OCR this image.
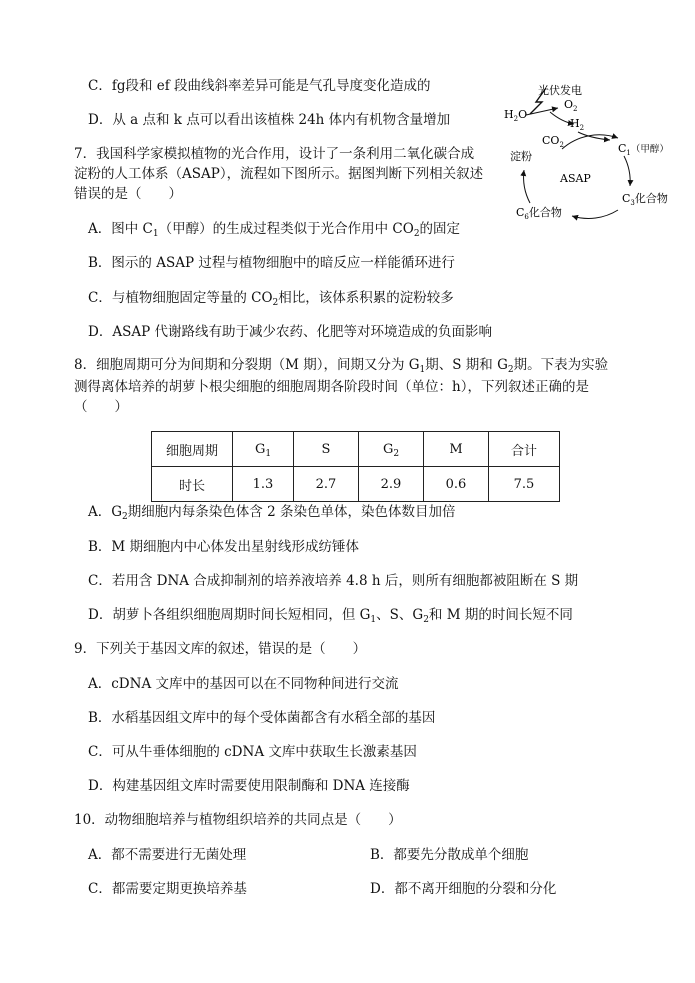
C．fg段和 ef 段曲线斜率差异可能是气孔导度变化造成的
D．从 a 点和 k 点可以看出该植株 24h 体内有机物含量增加
7．我国科学家模拟植物的光合作用，设计了一条利用二氧化碳合成
淀粉的人工体系（ASAP），流程如下图所示。据图判断下列相关叙述
错误的是（　　）
A．图中 $C_1$（甲醇）的生成过程类似于光合作用中 $CO_2$的固定
B．图示的 ASAP 过程与植物细胞中的暗反应一样能循环进行
C．与植物细胞固定等量的 $CO_2$相比，该体系积累的淀粉较多
D．ASAP 代谢路线有助于减少农药、化肥等对环境造成的负面影响
光伏发电
$H_2O$
$O_2$
$H_2$
$CO_2$	$C_1$（甲醇）
$C_3$化合物
$C_6$化合物
淀粉
ASAP
8．细胞周期可分为间期和分裂期（M 期），间期又分为 $G_1$期、S 期和 $G_2$期。下表为实验
测得离体培养的胡萝卜根尖细胞的细胞周期各阶段时间（单位：h），下列叙述正确的是
（　　）
细胞周期	$G_1$	S	$G_2$	M	合计
时长	1.3	2.7	2.9	0.6	7.5
A．$G_2$期细胞内每条染色体含 2 条染色单体，染色体数目加倍
B．M 期细胞内中心体发出星射线形成纺锤体
C．若用含 DNA 合成抑制剂的培养液培养 4.8 h 后，则所有细胞都被阻断在 S 期
D．胡萝卜各组织细胞周期时间长短相同，但 $G_1$、S、$G_2$和 M 期的时间长短不同
9．下列关于基因文库的叙述，错误的是（　　）
A．cDNA 文库中的基因可以在不同物种间进行交流
B．水稻基因组文库中的每个受体菌都含有水稻全部的基因
C．可从牛垂体细胞的 cDNA 文库中获取生长激素基因
D．构建基因组文库时需要使用限制酶和 DNA 连接酶
10．动物细胞培养与植物组织培养的共同点是（　　）
A．都不需要进行无菌处理	B．都要先分散成单个细胞
C．都需要定期更换培养基	D．都不离开细胞的分裂和分化
